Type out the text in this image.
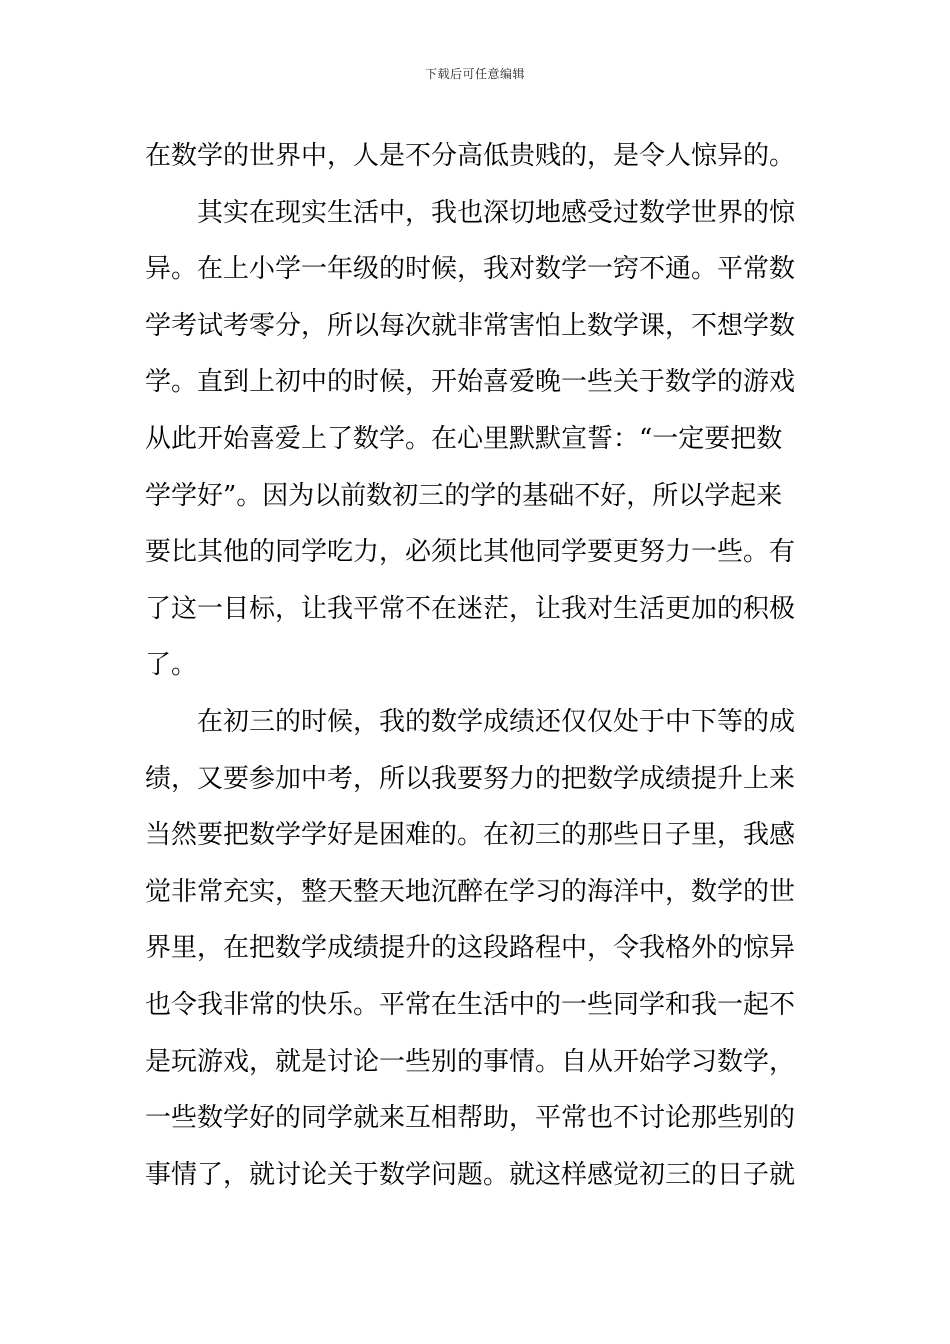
下载后可任意编辑
在数学的世界中，人是不分高低贵贱的，是令人惊异的。
其实在现实生活中，我也深切地感受过数学世界的惊
异。在上小学一年级的时候，我对数学一窍不通。平常数
学考试考零分，所以每次就非常害怕上数学课，不想学数
学。直到上初中的时候，开始喜爱晚一些关于数学的游戏
从此开始喜爱上了数学。在心里默默宣誓：“一定要把数
学学好”。因为以前数初三的学的基础不好，所以学起来
要比其他的同学吃力，必须比其他同学要更努力一些。有
了这一目标，让我平常不在迷茫，让我对生活更加的积极
了。
在初三的时候，我的数学成绩还仅仅处于中下等的成
绩，又要参加中考，所以我要努力的把数学成绩提升上来
当然要把数学学好是困难的。在初三的那些日子里，我感
觉非常充实，整天整天地沉醉在学习的海洋中，数学的世
界里，在把数学成绩提升的这段路程中，令我格外的惊异
也令我非常的快乐。平常在生活中的一些同学和我一起不
是玩游戏，就是讨论一些别的事情。自从开始学习数学，
一些数学好的同学就来互相帮助，平常也不讨论那些别的
事情了，就讨论关于数学问题。就这样感觉初三的日子就
